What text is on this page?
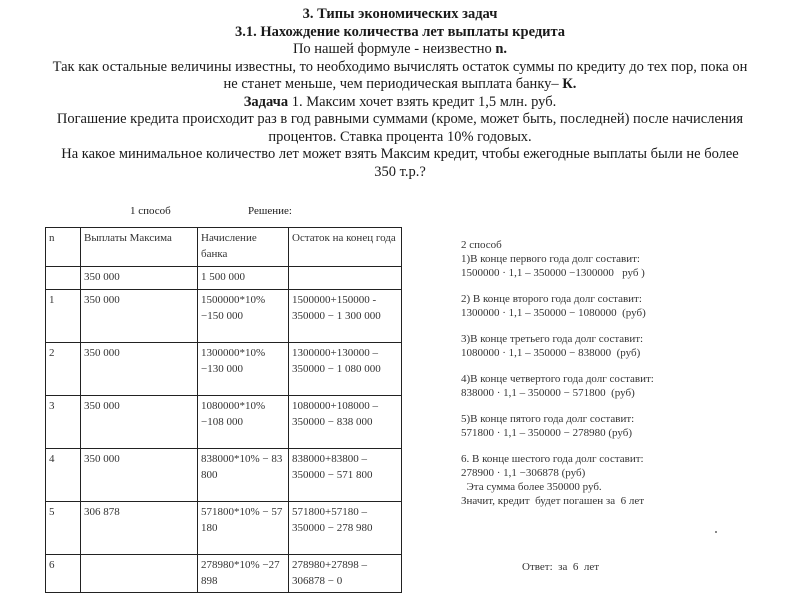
3. Типы экономических задач
3.1. Нахождение количества лет выплаты кредита
По нашей формуле - неизвестно n.
Так как остальные величины известны, то необходимо вычислять остаток суммы по кредиту до тех пор, пока он
не станет меньше, чем периодическая выплата банку– К.
Задача 1. Максим хочет взять кредит 1,5 млн. руб.
Погашение кредита происходит раз в год равными суммами (кроме, может быть, последней) после начисления
процентов. Ставка процента 10% годовых.
На какое минимальное количество лет может взять Максим кредит, чтобы ежегодные выплаты были не более
350 т.р.?
1 способ	Решение:
n	Выплаты Максима	Начисление банка	Остаток на конец года
	350 000	1 500 000	
1	350 000	1500000*10% −150 000	1500000+150000 - 350000 − 1 300 000
2	350 000	1300000*10% −130 000	1300000+130000 – 350000 − 1 080 000
3	350 000	1080000*10% −108 000	1080000+108000 – 350000 − 838 000
4	350 000	838000*10% − 83 800	838000+83800 – 350000 − 571 800
5	306 878	571800*10% − 57 180	571800+57180 – 350000 − 278 980
6		278980*10% −27 898	278980+27898 –306878 − 0
2 способ
1)В конце первого года долг составит:
1500000 · 1,1 – 350000 −1300000   руб )
2) В конце второго года долг составит:
1300000 · 1,1 – 350000 − 1080000  (руб)
3)В конце третьего года долг составит:
1080000 · 1,1 – 350000 − 838000  (руб)
4)В конце четвертого года долг составит:
838000 · 1,1 – 350000 − 571800  (руб)
5)В конце пятого года долг составит:
571800 · 1,1 – 350000 − 278980 (руб)
6. В конце шестого года долг составит:
278900 · 1,1 −306878 (руб)
Эта сумма более 350000 руб.
Значит, кредит  будет погашен за  6 лет
Ответ:  за  6  лет
